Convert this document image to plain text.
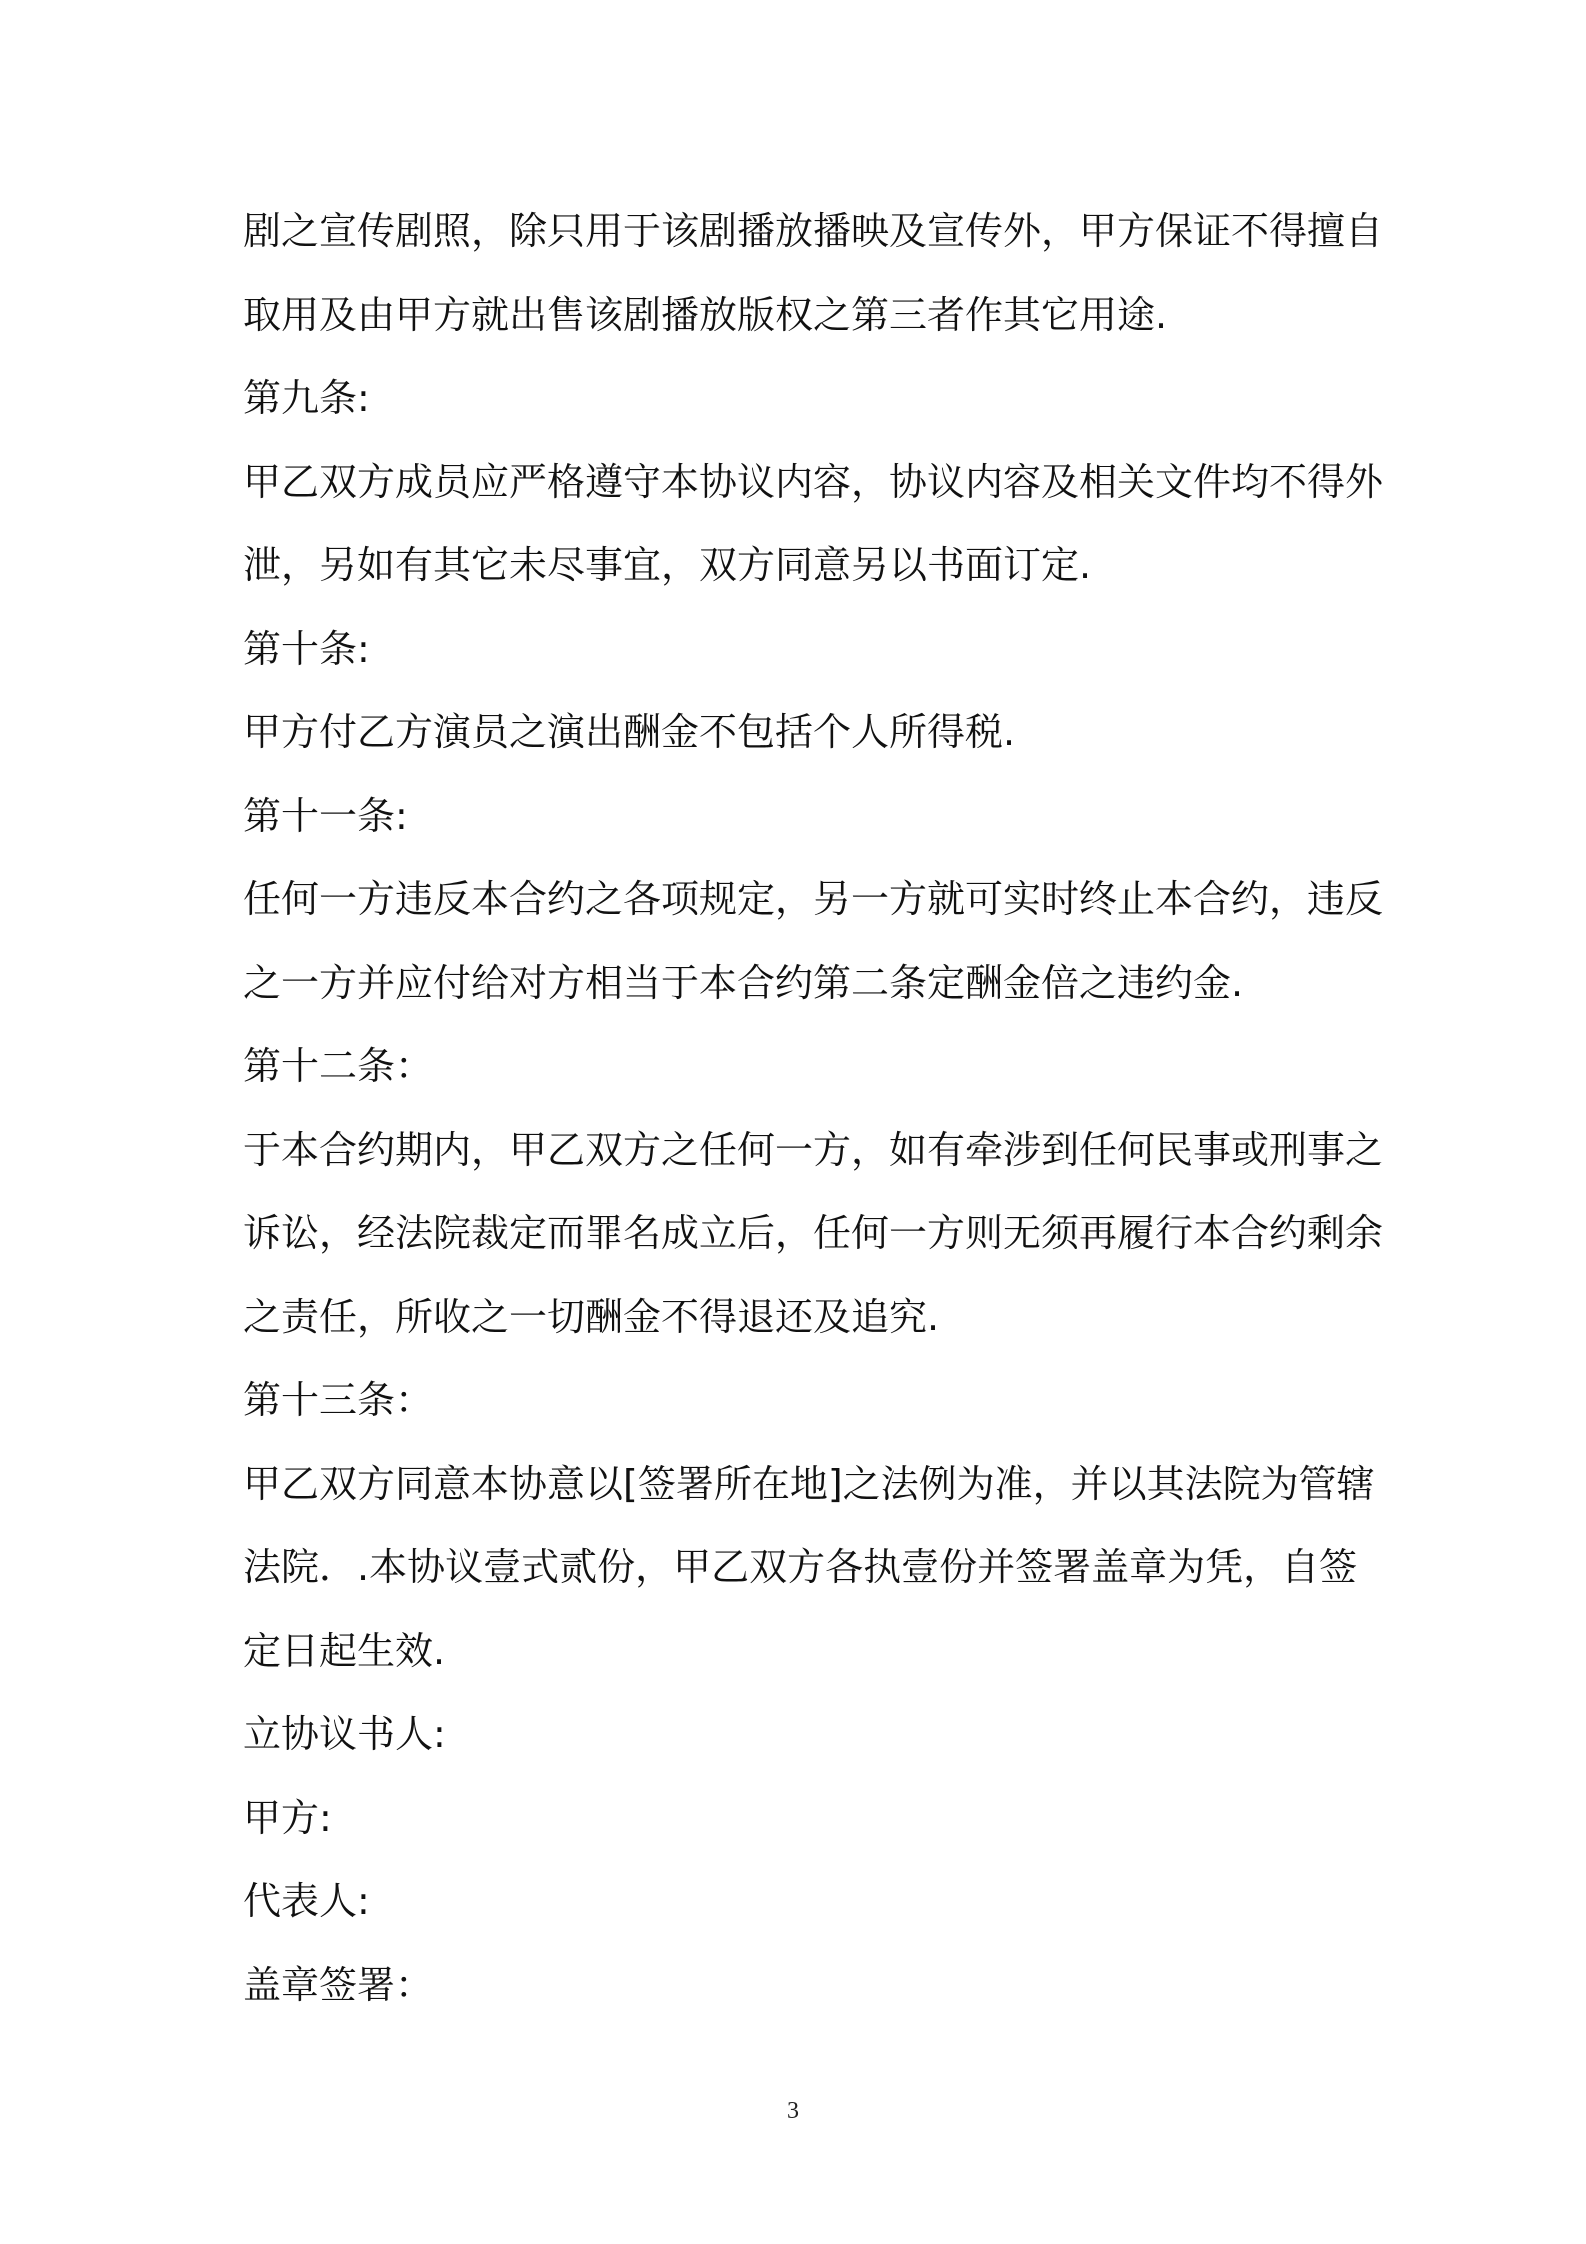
剧之宣传剧照，除只用于该剧播放播映及宣传外，甲方保证不得擅自
取用及由甲方就出售该剧播放版权之第三者作其它用途.
第九条:
甲乙双方成员应严格遵守本协议内容，协议内容及相关文件均不得外
泄，另如有其它未尽事宜，双方同意另以书面订定.
第十条:
甲方付乙方演员之演出酬金不包括个人所得税.
第十一条:
任何一方违反本合约之各项规定，另一方就可实时终止本合约，违反
之一方并应付给对方相当于本合约第二条定酬金倍之违约金.
第十二条：
于本合约期内，甲乙双方之任何一方，如有牵涉到任何民事或刑事之
诉讼，经法院裁定而罪名成立后，任何一方则无须再履行本合约剩余
之责任，所收之一切酬金不得退还及追究.
第十三条：
甲乙双方同意本协意以[签署所在地]之法例为准，并以其法院为管辖
法院．.本协议壹式贰份，甲乙双方各执壹份并签署盖章为凭，自签
定日起生效.
立协议书人:
甲方:
代表人:
盖章签署：
3
